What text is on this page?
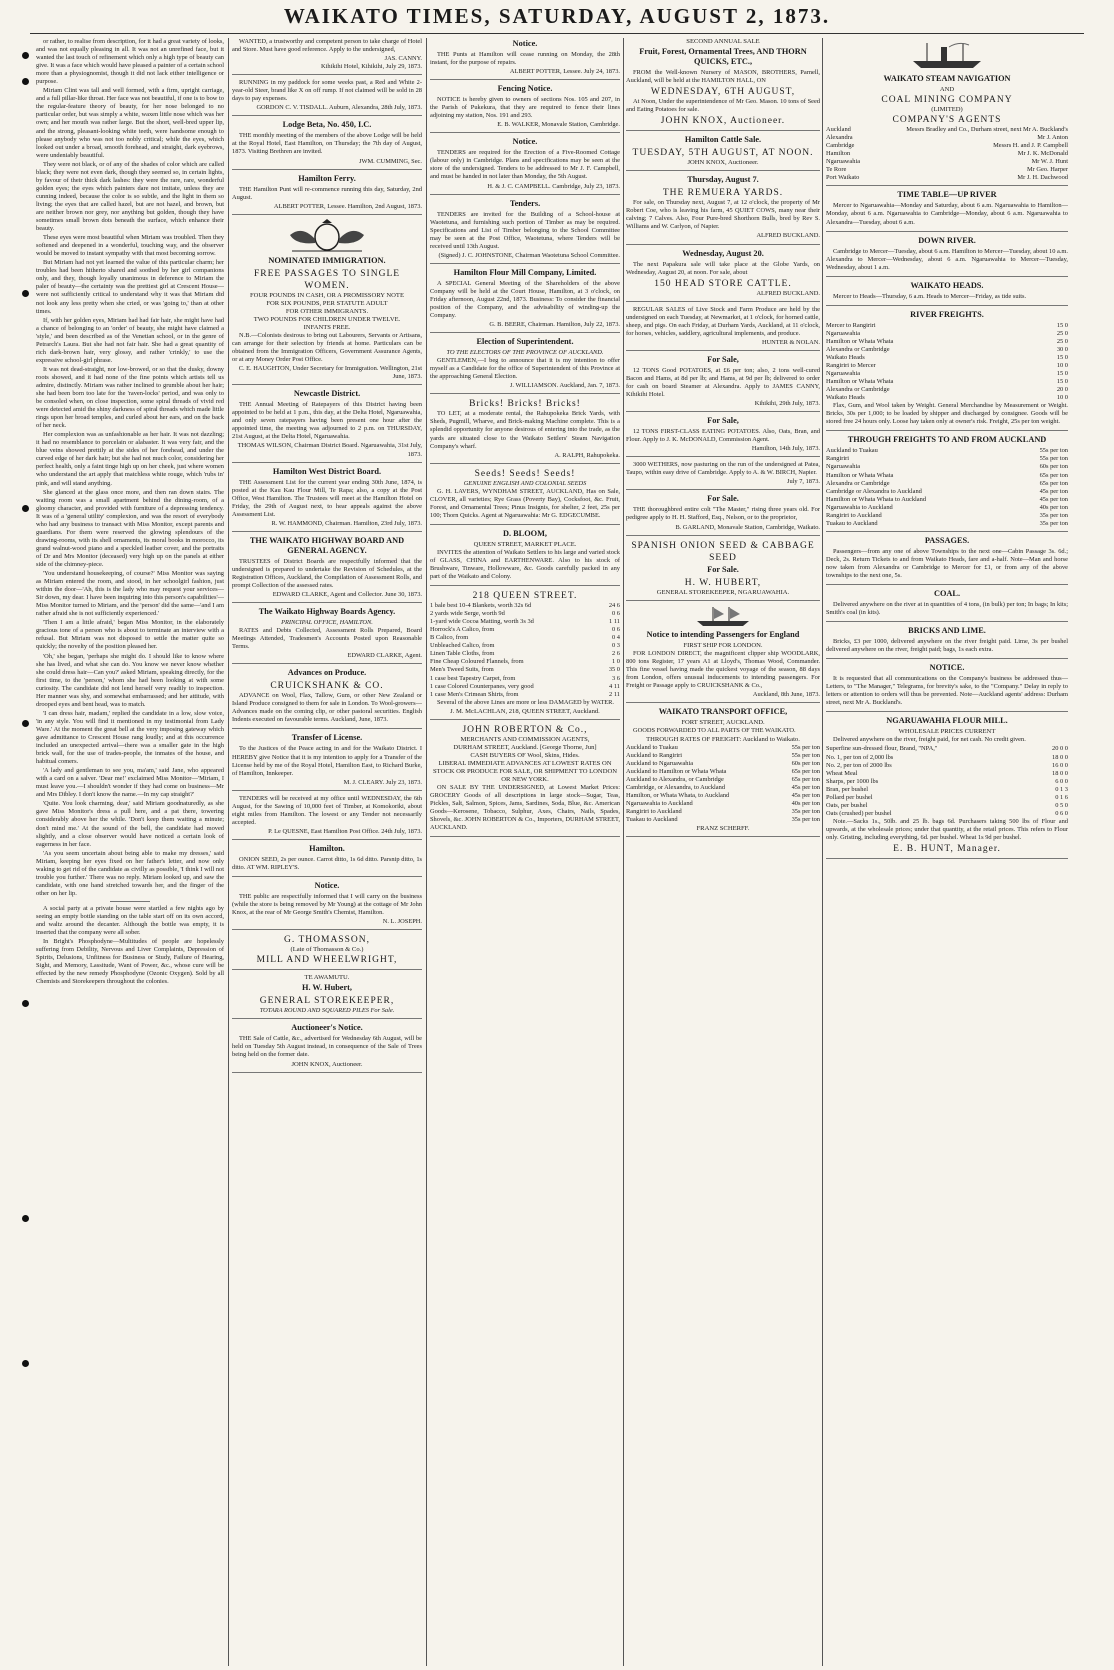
WAIKATO TIMES, SATURDAY, AUGUST 2, 1873.

or rather, to realise from description, for it had a great variety of looks, and was not equally pleasing in all. It was not an unrefined face, but it wanted the last touch of refinement which only a high type of beauty can give. It was a face which would have pleased a painter of a certain school more than a physiognomist, though it did not lack either intelligence or purpose.

Miriam Clint was tall and well formed, with a firm, upright carriage, and a full pillar-like throat. Her face was not beautiful, if one is to bow to the regular-feature theory of beauty, for her nose belonged to no particular order, but was simply a white, waxen little nose which was her own; and her mouth was rather large. But the short, well-bred upper lip, and the strong, pleasant-looking white teeth, were handsome enough to please anybody who was not too nobly critical; while the eyes, which looked out under a broad, smooth forehead, and straight, dark eyebrows, were undeniably beautiful.

They were not black, or of any of the shades of color which are called black; they were not even dark, though they seemed so, in certain lights, by favour of their thick dark lashes: they were the rare, rare, wonderful golden eyes; the eyes which painters dare not imitate, unless they are cunning indeed, because the color is so subtle, and the light in them so living; the eyes that are called hazel, but are not hazel, and brown, but are neither brown nor grey, nor anything but golden, though they have sometimes small brown dots beneath the surface, which enhance their beauty.

These eyes were most beautiful when Miriam was troubled. Then they softened and deepened in a wonderful, touching way, and the observer would be moved to instant sympathy with that most becoming sorrow.

But Miriam had not yet learned the value of this particular charm; her troubles had been hitherto shared and soothed by her girl companions only, and they, though loyally unanimous in deference to Miriam the paler of beauty—the certainty was the prettiest girl at Crescent House—were not sufficiently critical to understand why it was that Miriam did not look any less pretty when she cried, or was 'going to,' than at other times.

If, with her golden eyes, Miriam had had fair hair, she might have had a chance of belonging to an 'order' of beauty, she might have claimed a 'style,' and been described as of the Venetian school, or in the genre of Petrarch's Laura. But she had not fair hair. She had a great quantity of rich dark-brown hair, very glossy, and rather 'crinkly,' to use the expressive school-girl phrase.

It was not dead-straight, nor low-browed, or so that the dusky, downy roots showed, and it had none of the fine points which artists tell us admire, distinctly. Miriam was rather inclined to grumble about her hair; she had been born too late for the 'raven-locks' period, and was only to be consoled when, on close inspection, some spiral threads of vivid red were detected amid the shiny darkness of spiral threads which made little rings upon her broad temples, and curled about her ears, and on the back of her neck.

Her complexion was as unfashionable as her hair. It was not dazzling; it had no resemblance to porcelain or alabaster. It was very fair, and the blue veins showed prettily at the sides of her forehead, and under the curved edge of her dark hair; but she had not much color, considering her perfect health, only a faint tinge high up on her cheek, just where women who understand the art apply that matchless white rouge, which 'rubs in' pink, and will stand anything.

She glanced at the glass once more, and then ran down stairs. The waiting room was a small apartment behind the dining-room, of a gloomy character, and provided with furniture of a depressing tendency. It was of a 'general utility' complexion, and was the resort of everybody who had any business to transact with Miss Monitor, except parents and guardians. For them were reserved the glowing splendours of the drawing-rooms, with its shell ornaments, its moral books in morocco, its grand walnut-wood piano and a speckled leather cover, and the portraits of Dr and Mrs Monitor (deceased) very high up on the panels at either side of the chimney-piece.

'You understand housekeeping, of course?' Miss Monitor was saying as Miriam entered the room, and stood, in her schoolgirl fashion, just within the door—'Ah, this is the lady who may request your services—Sir down, my dear. I have been inquiring into this person's capabilities'—Miss Monitor turned to Miriam, and the 'person' did the same—'and I am rather afraid she is not sufficiently experienced.'

'Then I am a little afraid,' began Miss Monitor, in the elaborately gracious tone of a person who is about to terminate an interview with a refusal. But Miriam was not disposed to settle the matter quite so quickly; the novelty of the position pleased her.

'Oh,' she began, 'perhaps she might do. I should like to know where she has lived, and what she can do. You know we never know whether she could dress hair—Can you?' asked Miriam, speaking directly, for the first time, to the 'person,' whom she had been looking at with some curiosity. The candidate did not lend herself very readily to inspection. Her manner was shy, and somewhat embarrassed; and her attitude, with drooped eyes and bent head, was to match.

'I can dress hair, madam,' replied the candidate in a low, slow voice, 'in any style. You will find it mentioned in my testimonial from Lady Ware.' At the moment the great bell at the very imposing gateway which gave admittance to Crescent House rang loudly; and at this occurrence included an unexpected arrival—there was a smaller gate in the high brick wall, for the use of trades-people, the inmates of the house, and habitual comers.

'A lady and gentleman to see you, ma'am,' said Jane, who appeared with a card on a salver. 'Dear me!' exclaimed Miss Monitor—'Miriam, I must leave you.—I shouldn't wonder if they had come on business—Mr and Mrs Dibley. I don't know the name.—In my cap straight?'

'Quite. You look charming, dear,' said Miriam goodnaturedly, as she gave Miss Monitor's dress a pull here, and a pat there, towering considerably above her the while. 'Don't keep them waiting a minute; don't mind me.' At the sound of the bell, the candidate had moved slightly, and a close observer would have noticed a certain look of eagerness in her face.

'As you seem uncertain about being able to make my dresses,' said Miriam, keeping her eyes fixed on her father's letter, and now only waking to get rid of the candidate as civilly as possible, 'I think I will not trouble you further.' There was no reply. Miriam looked up, and saw the candidate, with one hand stretched towards her, and the finger of the other on her lip.

A social party at a private house were startled a few nights ago by seeing an empty bottle standing on the table start off on its own accord, and waltz around the decanter. Although the bottle was empty, it is inserted that the company were all sober.

In Bright's Phosphodyne—Multitudes of people are hopelessly suffering from Debility, Nervous and Liver Complaints, Depression of Spirits, Delusions, Unfitness for Business or Study, Failure of Hearing, Sight, and Memory, Lassitude, Want of Power, &c., whose cure will be effected by the new remedy Phosphodyne (Ozonic Oxygen). Sold by all Chemists and Storekeepers throughout the colonies.

WANTED, a trustworthy and competent person to take charge of Hotel and Store. Must have good reference. Apply to the undersigned,

JAS. CANNY.
Kihikihi Hotel, Kihikihi, July 29, 1873.

RUNNING in my paddock for some weeks past, a Red and White 2-year-old Steer, brand like X on off rump. If not claimed will be sold in 28 days to pay expenses.

GORDON C. V. TISDALL. Auburn, Alexandra, 28th July, 1873.
Lodge Beta, No. 450, I.C.

THE monthly meeting of the members of the above Lodge will be held at the Royal Hotel, East Hamilton, on Thursday; the 7th day of August, 1873. Visiting Brethren are invited.

JWM. CUMMING, Sec.
Hamilton Ferry.

THE Hamilton Punt will re-commence running this day, Saturday, 2nd August.

ALBERT POTTER, Lessee. Hamilton, 2nd August, 1873.
NOMINATED IMMIGRATION.
FREE PASSAGES TO SINGLE WOMEN.
FOUR POUNDS IN CASH, OR A PROMISSORY NOTE
FOR SIX POUNDS, PER STATUTE ADULT
FOR OTHER IMMIGRANTS.
TWO POUNDS FOR CHILDREN UNDER TWELVE.
INFANTS FREE.

N.B.—Colonists desirous to bring out Labourers, Servants or Artisans, can arrange for their selection by friends at home. Particulars can be obtained from the Immigration Officers, Government Assurance Agents, or at any Money Order Post Office.

C. E. HAUGHTON, Under Secretary for Immigration. Wellington, 21st June, 1873.
Newcastle District.

THE Annual Meeting of Ratepayers of this District having been appointed to be held at 1 p.m., this day, at the Delta Hotel, Ngaruawahia, and only seven ratepayers having been present one hour after the appointed time, the meeting was adjourned to 2 p.m. on THURSDAY, 21st August, at the Delta Hotel, Ngaruawahia.

THOMAS WILSON, Chairman District Board. Ngaruawahia, 31st July, 1873.
Hamilton West District Board.

THE Assessment List for the current year ending 30th June, 1874, is posted at the Kau Kau Flour Mill, Te Rapa; also, a copy at the Post Office, West Hamilton. The Trustees will meet at the Hamilton Hotel on Friday, the 29th of August next, to hear appeals against the above Assessment List.

R. W. HAMMOND, Chairman. Hamilton, 23rd July, 1873.
THE WAIKATO HIGHWAY BOARD AND GENERAL AGENCY.

TRUSTEES of District Boards are respectfully informed that the undersigned is prepared to undertake the Revision of Schedules, at the Registration Offices, Auckland, the Compilation of Assessment Rolls, and prompt Collection of the assessed rates.

EDWARD CLARKE, Agent and Collector. June 30, 1873.
The Waikato Highway Boards Agency.
PRINCIPAL OFFICE, HAMILTON.

RATES and Debts Collected, Assessment Rolls Prepared, Board Meetings Attended, Tradesmen's Accounts Posted upon Reasonable Terms.

EDWARD CLARKE, Agent.
Advances on Produce.
CRUICKSHANK & CO.

ADVANCE on Wool, Flax, Tallow, Gum, or other New Zealand or Island Produce consigned to them for sale in London. To Wool-growers—Advances made on the coming clip, or other pastoral securities. English Indents executed on favourable terms. Auckland, June, 1873.

Transfer of License.

To the Justices of the Peace acting in and for the Waikato District. I HEREBY give Notice that it is my intention to apply for a Transfer of the License held by me of the Royal Hotel, Hamilton East, to Richard Burke, of Hamilton, Innkeeper.

M. J. CLEARY. July 23, 1873.

TENDERS will be received at my office until WEDNESDAY, the 6th August, for the Sawing of 10,000 feet of Timber, at Komokoriki, about eight miles from Hamilton. The lowest or any Tender not necessarily accepted.

P. Le QUESNE, East Hamilton Post Office. 24th July, 1873.
Hamilton.

ONION SEED, 2s per ounce. Carrot ditto, 1s 6d ditto. Parsnip ditto, 1s ditto. AT WM. RIPLEY'S.

Notice.

THE public are respectfully informed that I will carry on the business (while the store is being removed by Mr Young) at the cottage of Mr John Knox, at the rear of Mr George Smith's Chemist, Hamilton.

N. L. JOSEPH.
G. THOMASSON,
(Late of Thomasson & Co.)
MILL AND WHEELWRIGHT,
TE AWAMUTU.
H. W. Hubert,
GENERAL STOREKEEPER,
TOTARA ROUND AND SQUARED PILES For Sale.
Auctioneer's Notice.

THE Sale of Cattle, &c., advertised for Wednesday 6th August, will be held on Tuesday 5th August instead, in consequence of the Sale of Trees being held on the former date.

JOHN KNOX, Auctioneer.
Notice.

THE Punts at Hamilton will cease running on Monday, the 28th instant, for the purpose of repairs.

ALBERT POTTER, Lessee. July 24, 1873.
Fencing Notice.

NOTICE is hereby given to owners of sections Nos. 105 and 207, in the Parish of Pukekura, that they are required to fence their lines adjoining my station, Nos. 191 and 293.

E. B. WALKER, Monavale Station, Cambridge.
Notice.

TENDERS are required for the Erection of a Five-Roomed Cottage (labour only) in Cambridge. Plans and specifications may be seen at the store of the undersigned. Tenders to be addressed to Mr J. F. Campbell, and must be handed in not later than Monday, the 5th August.

H. & J. C. CAMPBELL. Cambridge, July 23, 1873.
Tenders.

TENDERS are invited for the Building of a School-house at Waotetuna, and furnishing such portion of Timber as may be required. Specifications and List of Timber belonging to the School Committee may be seen at the Post Office, Waotetuna, where Tenders will be received until 13th August.

(Signed) J. C. JOHNSTONE, Chairman Waotetuna School Committee.
Hamilton Flour Mill Company, Limited.

A SPECIAL General Meeting of the Shareholders of the above Company will be held at the Court House, Hamilton, at 3 o'clock, on Friday afternoon, August 22nd, 1873. Business: To consider the financial position of the Company, and the advisability of winding-up the Company.

G. B. BEERE, Chairman. Hamilton, July 22, 1873.
Election of Superintendent.
TO THE ELECTORS OF THE PROVINCE OF AUCKLAND.

GENTLEMEN,—I beg to announce that it is my intention to offer myself as a Candidate for the office of Superintendent of this Province at the approaching General Election.

J. WILLIAMSON. Auckland, Jan. 7, 1873.
Bricks! Bricks! Bricks!

TO LET, at a moderate rental, the Rahupokeka Brick Yards, with Sheds, Pugmill, Wharve, and Brick-making Machine complete. This is a splendid opportunity for anyone desirous of entering into the trade, as the yards are situated close to the Waikato Settlers' Steam Navigation Company's wharf.

A. RALPH, Rahupokeka.
Seeds! Seeds! Seeds!
GENUINE ENGLISH AND COLONIAL SEEDS

G. H. LAVERS, WYNDHAM STREET, AUCKLAND, Has on Sale, CLOVER, all varieties; Rye Grass (Poverty Bay), Cocksfoot, &c. Fruit, Forest, and Ornamental Trees; Pinus Insignis, for shelter, 2 feet, 25s per 100; Thorn Quicks. Agent at Ngaruawahia: Mr G. EDGECUMBE.

D. BLOOM,
QUEEN STREET, MARKET PLACE.

INVITES the attention of Waikato Settlers to his large and varied stock of GLASS, CHINA and EARTHENWARE. Also to his stock of Brushware, Tinware, Hollowware, &c. Goods carefully packed in any part of the Waikato and Colony.

218 QUEEN STREET.
1 bale best 10-4 Blankets, worth 32s 6d	24 6
2 yards wide Serge, worth 9d	0 6
1-yard wide Cocoa Matting, worth 3s 3d	1 11
Horrock's A Calico, from	0 6
B Calico, from	0 4
Unbleached Calico, from	0 3
Linen Table Cloths, from	2 6
Fine Cheap Coloured Flannels, from	1 0
Men's Tweed Suits, from	35 0
1 case best Tapestry Carpet, from	3 6
1 case Colored Counterpanes, very good	4 11
1 case Men's Crimean Shirts, from	2 11

Several of the above Lines are more or less DAMAGED by WATER.

J. M. McLACHLAN, 218, QUEEN STREET, Auckland.
JOHN ROBERTON & Co.,
MERCHANTS AND COMMISSION AGENTS,
DURHAM STREET, Auckland. [George Thorne, Jun]
CASH BUYERS OF Wool, Skins, Hides.
LIBERAL IMMEDIATE ADVANCES AT LOWEST RATES ON STOCK OR PRODUCE FOR SALE, OR SHIPMENT TO LONDON OR NEW YORK.

ON SALE BY THE UNDERSIGNED, at Lowest Market Prices: GROCERY Goods of all descriptions in large stock—Sugar, Teas, Pickles, Salt, Salmon, Spices, Jams, Sardines, Soda, Blue, &c. American Goods—Kerosene, Tobacco, Sulphur, Axes, Chairs, Nails, Spades, Shovels, &c. JOHN ROBERTON & Co., Importers, DURHAM STREET, AUCKLAND.

SECOND ANNUAL SALE
Fruit, Forest, Ornamental Trees, AND THORN QUICKS, ETC.,

FROM the Well-known Nursery of MASON, BROTHERS, Parnell, Auckland, will be held at the HAMILTON HALL, ON

WEDNESDAY, 6TH AUGUST,

At Noon, Under the superintendence of Mr Geo. Mason. 10 tons of Seed and Eating Potatoes for sale.

JOHN KNOX, Auctioneer.
Hamilton Cattle Sale.
TUESDAY, 5TH AUGUST, AT NOON.
JOHN KNOX, Auctioneer.
Thursday, August 7.
THE REMUERA YARDS.

For sale, on Thursday next, August 7, at 12 o'clock, the property of Mr Robert Coe, who is leaving his farm, 45 QUIET COWS, many near their calving; 7 Calves. Also, Four Pure-bred Shorthorn Bulls, bred by Rev S. Williams and W. Carlyon, of Napier.

ALFRED BUCKLAND.
Wednesday, August 20.

The next Papakura sale will take place at the Globe Yards, on Wednesday, August 20, at noon. For sale, about

150 HEAD STORE CATTLE.
ALFRED BUCKLAND.

REGULAR SALES of Live Stock and Farm Produce are held by the undersigned on each Tuesday, at Newmarket, at 1 o'clock, for horned cattle, sheep, and pigs. On each Friday, at Durham Yards, Auckland, at 11 o'clock, for horses, vehicles, saddlery, agricultural implements, and produce.

HUNTER & NOLAN.
For Sale,

12 TONS Good POTATOES, at £6 per ton; also, 2 tons well-cured Bacon and Hams, at 8d per lb; and Hams, at 9d per lb; delivered to order for cash on board Steamer at Alexandra. Apply to JAMES CANNY, Kihikihi Hotel.

Kihikihi, 29th July, 1873.
For Sale,

12 TONS FIRST-CLASS EATING POTATOES. Also, Oats, Bran, and Flour. Apply to J. K. McDONALD, Commission Agent.

Hamilton, 14th July, 1873.

3000 WETHERS, now pasturing on the run of the undersigned at Patea, Taupo, within easy drive of Cambridge. Apply to A. & W. BIRCH, Napier.

July 7, 1873.
For Sale.

THE thoroughbred entire colt "The Master," rising three years old. For pedigree apply to H. H. Stafford, Esq., Nelson, or to the proprietor,

B. GARLAND, Monavale Station, Cambridge, Waikato.
SPANISH ONION SEED & CABBAGE SEED
For Sale.
H. W. HUBERT,
GENERAL STOREKEEPER, NGARUAWAHIA.
Notice to intending Passengers for England
FIRST SHIP FOR LONDON.

FOR LONDON DIRECT, the magnificent clipper ship WOODLARK, 800 tons Register, 17 years A1 at Lloyd's, Thomas Wood, Commander. This fine vessel having made the quickest voyage of the season, 88 days from London, offers unusual inducements to intending passengers. For Freight or Passage apply to CRUICKSHANK & Co.,

Auckland, 8th June, 1873.
WAIKATO TRANSPORT OFFICE,
FORT STREET, AUCKLAND.

GOODS FORWARDED TO ALL PARTS OF THE WAIKATO.

THROUGH RATES OF FREIGHT: Auckland to Waikato.
Auckland to Tuakau	55s per ton
Auckland to Rangiriri	55s per ton
Auckland to Ngaruawahia	60s per ton
Auckland to Hamilton or Whata Whata	65s per ton
Auckland to Alexandra, or Cambridge	65s per ton
Cambridge, or Alexandra, to Auckland	45s per ton
Hamilton, or Whata Whata, to Auckland	45s per ton
Ngaruawahia to Auckland	40s per ton
Rangiriri to Auckland	35s per ton
Tuakau to Auckland	35s per ton
FRANZ SCHERFF.
WAIKATO STEAM NAVIGATION
AND
COAL MINING COMPANY
(LIMITED)
COMPANY'S AGENTS
Auckland	Messrs Bradley and Co., Durham street, next Mr A. Buckland's
Alexandra	Mr J. Anton
Cambridge	Messrs H. and J. P. Campbell
Hamilton	Mr J. K. McDonald
Ngaruawahia	Mr W. J. Hunt
Te Rore	Mr Geo. Harper
Port Waikato	Mr J. H. Dachwood
TIME TABLE—UP RIVER

Mercer to Ngaruawahia—Monday and Saturday, about 6 a.m. Ngaruawahia to Hamilton—Monday, about 6 a.m. Ngaruawahia to Cambridge—Monday, about 6 a.m. Ngaruawahia to Alexandra—Tuesday, about 6 a.m.

DOWN RIVER.

Cambridge to Mercer—Tuesday, about 6 a.m. Hamilton to Mercer—Tuesday, about 10 a.m. Alexandra to Mercer—Wednesday, about 6 a.m. Ngaruawahia to Mercer—Tuesday, Wednesday, about 1 a.m.

WAIKATO HEADS.

Mercer to Heads—Thursday, 6 a.m. Heads to Mercer—Friday, as tide suits.

RIVER FREIGHTS.
Mercer to Rangiriri	15 0
Ngaruawahia	25 0
Hamilton or Whata Whata	25 0
Alexandra or Cambridge	30 0
Waikato Heads	15 0
Rangiriri to Mercer	10 0
Ngaruawahia	15 0
Hamilton or Whata Whata	15 0
Alexandra or Cambridge	20 0
Waikato Heads	10 0

Flax, Gum, and Wool taken by Weight. General Merchandise by Measurement or Weight. Bricks, 30s per 1,000; to be loaded by shipper and discharged by consignee. Goods will be stored free 24 hours only. Loose hay taken only at owner's risk. Freight, 25s per ton weight.

THROUGH FREIGHTS TO AND FROM AUCKLAND
Auckland to Tuakau	55s per ton
Rangiriri	55s per ton
Ngaruawahia	60s per ton
Hamilton or Whata Whata	65s per ton
Alexandra or Cambridge	65s per ton
Cambridge or Alexandra to Auckland	45s per ton
Hamilton or Whata Whata to Auckland	45s per ton
Ngaruawahia to Auckland	40s per ton
Rangiriri to Auckland	35s per ton
Tuakau to Auckland	35s per ton
PASSAGES.

Passengers—from any one of above Townships to the next one—Cabin Passage 3s. 6d.; Deck, 2s. Return Tickets to and from Waikato Heads, fare and a-half. Note—Man and horse now taken from Alexandra or Cambridge to Mercer for £1, or from any of the above townships to the next one, 5s.

COAL.

Delivered anywhere on the river at in quantities of 4 tons, (in bulk) per ton; In bags; In kits; Smith's coal (in kits).

BRICKS AND LIME.

Bricks, £3 per 1000, delivered anywhere on the river freight paid. Lime, 3s per bushel delivered anywhere on the river, freight paid; bags, 1s each extra.

NOTICE.

It is requested that all communications on the Company's business be addressed thus—Letters, to "The Manager," Telegrams, for brevity's sake, to the "Company." Delay in reply to letters or attention to orders will thus be prevented. Note—Auckland agents' address: Durham street, next Mr A. Buckland's.

NGARUAWAHIA FLOUR MILL.
WHOLESALE PRICES CURRENT

Delivered anywhere on the river, freight paid, for net cash. No credit given.

Superfine sun-dressed flour, Brand, "NPA,"	20 0 0
No. 1, per ton of 2,000 lbs	18 0 0
No. 2, per ton of 2000 lbs	16 0 0
Wheat Meal	18 0 0
Sharps, per 1000 lbs	6 0 0
Bran, per bushel	0 1 3
Pollard per bushel	0 1 6
Oats, per bushel	0 5 0
Oats (crushed) per bushel	0 6 0

Note.—Sacks 1s., 50lb. and 25 lb. bags 6d. Purchasers taking 500 lbs of Flour and upwards, at the wholesale prices; under that quantity, at the retail prices. This refers to Flour only. Gristing, including everything, 6d. per bushel. Wheat 1s 9d per bushel.

E. B. HUNT, Manager.
